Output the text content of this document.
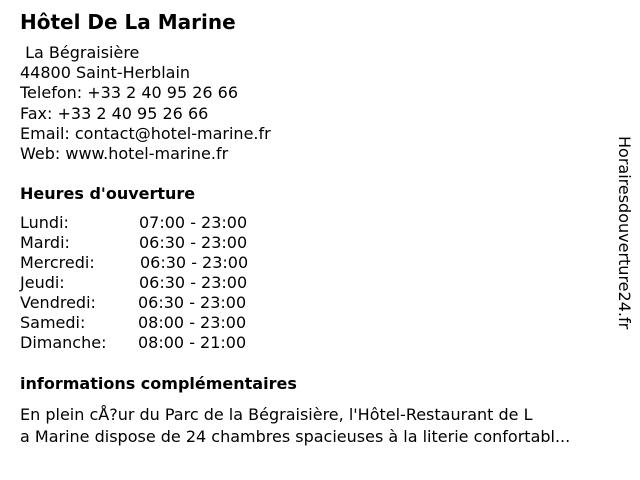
Hôtel De La Marine
La Bégraisière
44800 Saint-Herblain
Telefon: +33 2 40 95 26 66
Fax: +33 2 40 95 26 66
Email: contact@hotel-marine.fr
Web: www.hotel-marine.fr
Heures d'ouverture
Lundi:	07:00 - 23:00
Mardi:	06:30 - 23:00
Mercredi:	06:30 - 23:00
Jeudi:	06:30 - 23:00
Vendredi:	06:30 - 23:00
Samedi:	08:00 - 23:00
Dimanche: 08:00 - 21:00
informations complémentaires
En plein cÅ?ur du Parc de la Bégraisière, l'Hôtel-Restaurant de L
a Marine dispose de 24 chambres spacieuses à la literie confortabl...
Horairesdouverture24.fr
